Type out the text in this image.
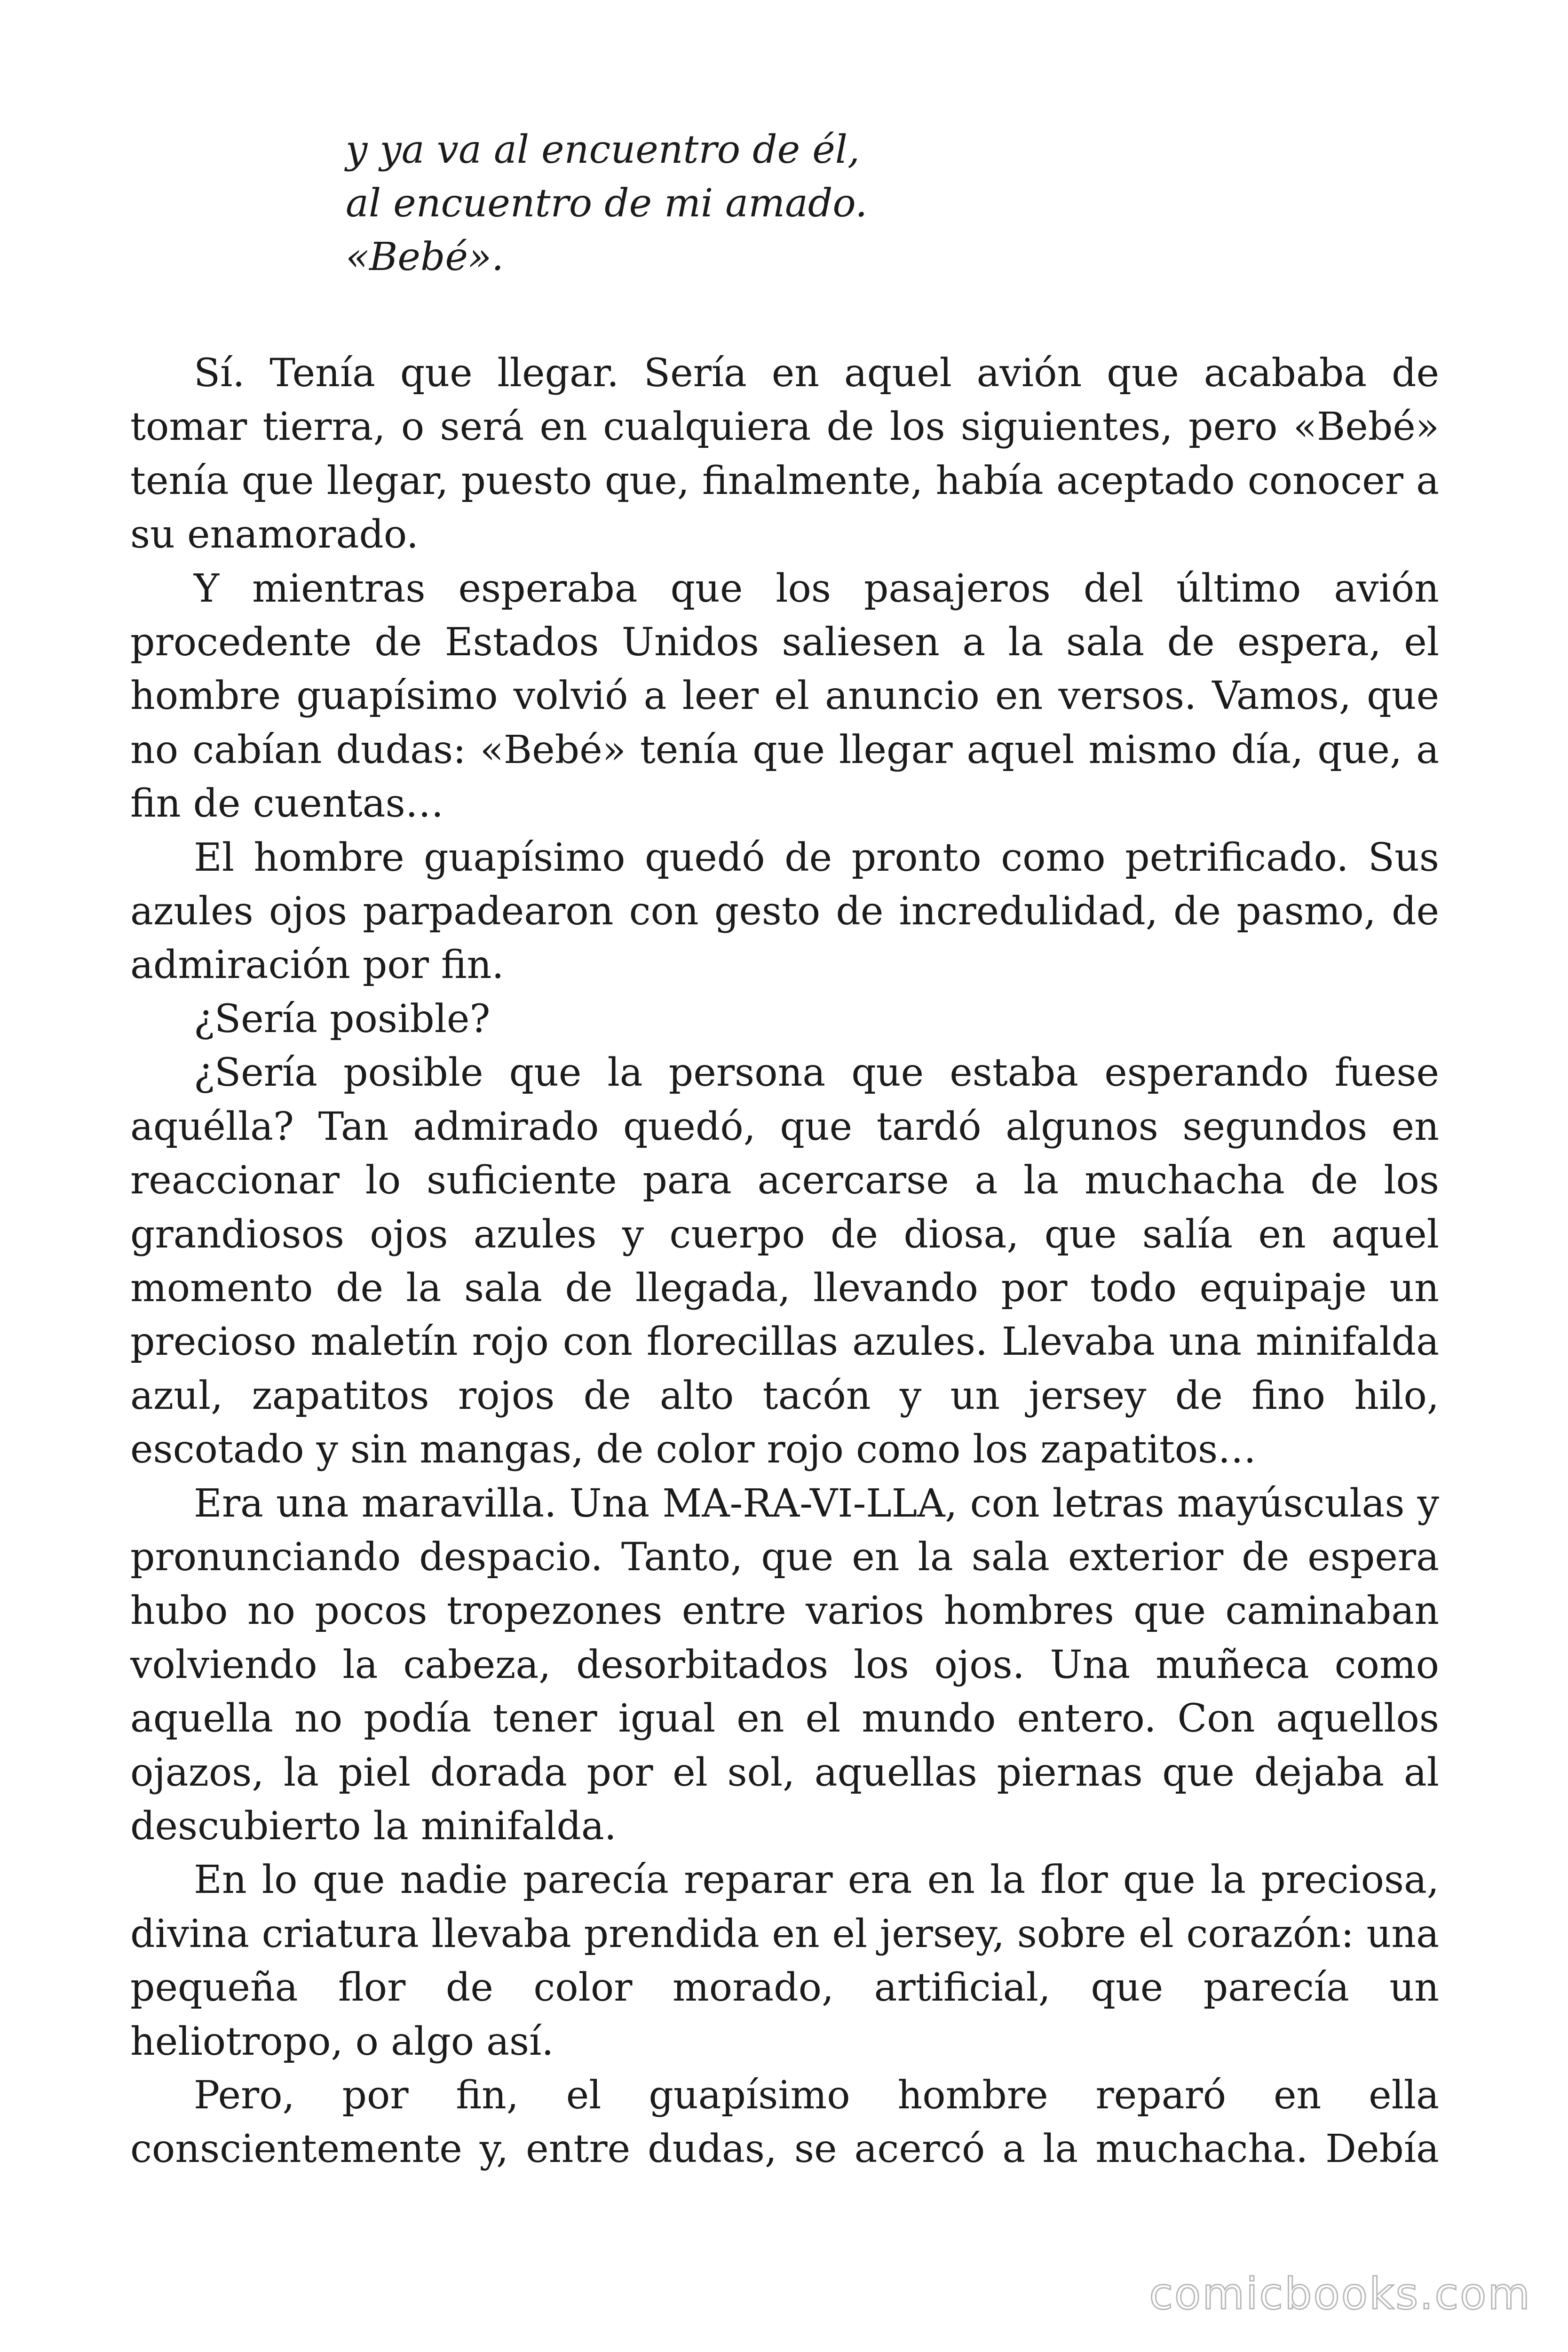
y ya va al encuentro de él,
al encuentro de mi amado.
«Bebé».

Sí. Tenía que llegar. Sería en aquel avión que acababa de tomar tierra, o será en cualquiera de los siguientes, pero «Bebé» tenía que llegar, puesto que, finalmente, había aceptado conocer a su enamorado.

Y mientras esperaba que los pasajeros del último avión procedente de Estados Unidos saliesen a la sala de espera, el hombre guapísimo volvió a leer el anuncio en versos. Vamos, que no cabían dudas: «Bebé» tenía que llegar aquel mismo día, que, a fin de cuentas…

El hombre guapísimo quedó de pronto como petrificado. Sus azules ojos parpadearon con gesto de incredulidad, de pasmo, de admiración por fin.

¿Sería posible?

¿Sería posible que la persona que estaba esperando fuese aquélla? Tan admirado quedó, que tardó algunos segundos en reaccionar lo suficiente para acercarse a la muchacha de los grandiosos ojos azules y cuerpo de diosa, que salía en aquel momento de la sala de llegada, llevando por todo equipaje un precioso maletín rojo con florecillas azules. Llevaba una minifalda azul, zapatitos rojos de alto tacón y un jersey de fino hilo, escotado y sin mangas, de color rojo como los zapatitos…

Era una maravilla. Una MA-RA-VI-LLA, con letras mayúsculas y pronunciando despacio. Tanto, que en la sala exterior de espera hubo no pocos tropezones entre varios hombres que caminaban volviendo la cabeza, desorbitados los ojos. Una muñeca como aquella no podía tener igual en el mundo entero. Con aquellos ojazos, la piel dorada por el sol, aquellas piernas que dejaba al descubierto la minifalda.

En lo que nadie parecía reparar era en la flor que la preciosa, divina criatura llevaba prendida en el jersey, sobre el corazón: una pequeña flor de color morado, artificial, que parecía un heliotropo, o algo así.

Pero, por fin, el guapísimo hombre reparó en ella conscientemente y, entre dudas, se acercó a la muchacha. Debía

comicbooks.com
